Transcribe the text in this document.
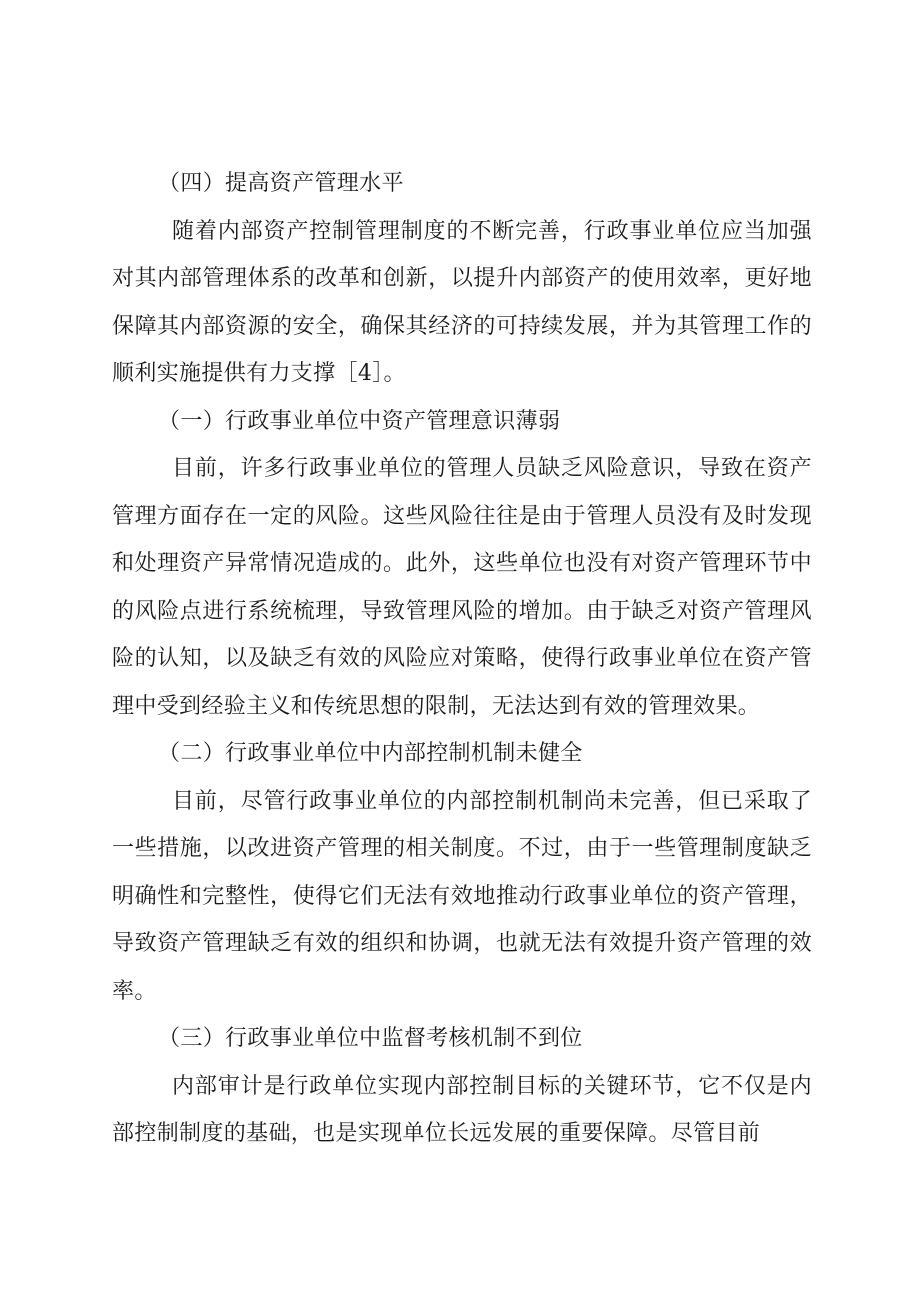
（四）提高资产管理水平

随着内部资产控制管理制度的不断完善，行政事业单位应当加强对其内部管理体系的改革和创新，以提升内部资产的使用效率，更好地保障其内部资源的安全，确保其经济的可持续发展，并为其管理工作的顺利实施提供有力支撑［4］。

（一）行政事业单位中资产管理意识薄弱

目前，许多行政事业单位的管理人员缺乏风险意识，导致在资产管理方面存在一定的风险。这些风险往往是由于管理人员没有及时发现和处理资产异常情况造成的。此外，这些单位也没有对资产管理环节中的风险点进行系统梳理，导致管理风险的增加。由于缺乏对资产管理风险的认知，以及缺乏有效的风险应对策略，使得行政事业单位在资产管理中受到经验主义和传统思想的限制，无法达到有效的管理效果。

（二）行政事业单位中内部控制机制未健全

目前，尽管行政事业单位的内部控制机制尚未完善，但已采取了一些措施，以改进资产管理的相关制度。不过，由于一些管理制度缺乏明确性和完整性，使得它们无法有效地推动行政事业单位的资产管理，导致资产管理缺乏有效的组织和协调，也就无法有效提升资产管理的效率。

（三）行政事业单位中监督考核机制不到位

内部审计是行政单位实现内部控制目标的关键环节，它不仅是内部控制制度的基础，也是实现单位长远发展的重要保障。尽管目前
